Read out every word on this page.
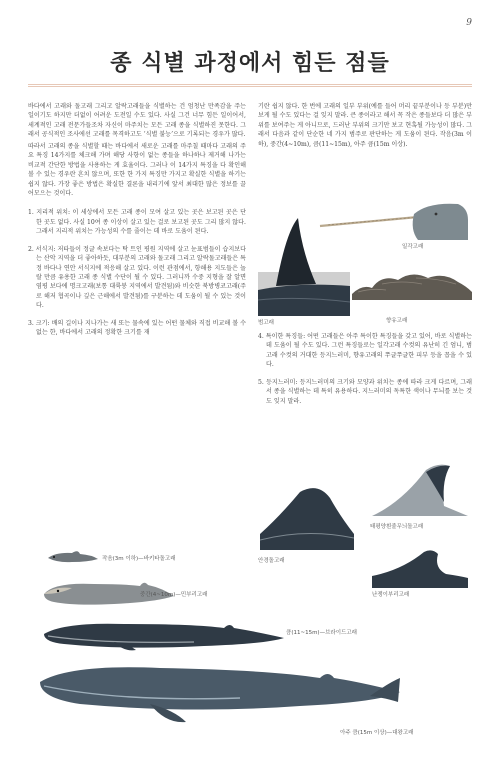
9
종 식별 과정에서 힘든 점들

바다에서 고래와 돌고래 그리고 알락고래들을 식별하는 건 엄청난 만족감을 주는 일이기도 하지만 더없이 어려운 도전일 수도 있다. 사실 그건 너무 힘든 일이어서, 세계적인 고래 전문가들조차 자신이 마주치는 모든 고래 종을 식별하진 못한다. 그래서 공식적인 조사에선 고래를 목격하고도 ‘식별 불능’으로 기록되는 경우가 많다.

따라서 고래의 종을 식별할 때는 바다에서 새로운 고래를 마주칠 때마다 고래의 주요 특징 14가지를 체크해 가며 해당 사항이 없는 종들을 하나하나 제거해 나가는 비교적 간단한 방법을 사용하는 게 효율이다. 그러나 이 14가지 특징을 다 확인해 볼 수 있는 경우란 흔치 않으며, 또한 한 가지 특징만 가지고 확실한 식별을 하기는 쉽지 않다. 가장 좋은 방법은 확실한 결론을 내리기에 앞서 최대한 많은 정보를 끌어모으는 것이다.

1. 지리적 위치: 이 세상에서 모든 고래 종이 모여 살고 있는 곳은 보고된 곳은 단 한 곳도 없다. 사실 10여 종 이상이 살고 있는 걸로 보고된 곳도 그리 많지 않다. 그래서 지리적 위치는 가능성의 수를 줄이는 데 바로 도움이 된다.
2. 서식지: 저타들이 정글 속보다는 탁 트인 평원 지역에 살고 눈표범들이 습지보다는 산악 지역을 더 좋아하듯, 대부분의 고래와 돌고래 그리고 알락돌고래들은 특정 바다나 연안 서식지에 적응해 살고 있다. 이런 관점에서, 항해용 지도들은 놀랄 만큼 유용한 고래 종 식별 수단이 될 수 있다. 그러니까 수중 지형을 잘 알면 염평 보다에 명크고래(보통 대륙붕 지역에서 발견됨)와 비슷한 북방병코고래(주로 해저 협곡이나 깊은 근해에서 발견됨)를 구분하는 데 도움이 될 수 있는 것이다.
3. 크기: 배의 길이나 지나가는 새 또는 물속에 있는 어떤 물체와 직접 비교해 볼 수 없는 한, 바다에서 고래의 정확한 크기를 재

기란 쉽지 않다. 한 번에 고래의 일부 부위(예를 들어 머리 끝부분이나 등 부분)만 보게 될 수도 있다는 걸 잊지 말라. 큰 종이라고 해서 꼭 작은 종들보다 더 많은 부위를 보여주는 게 아니므로, 드러난 부위의 크기만 보고 현혹될 가능성이 많다. 그래서 다음과 같이 단순한 네 가지 범주로 판단하는 게 도움이 된다. 작음(3m 이하), 중간(4~10m), 큼(11~15m), 아주 큼(15m 이상).

4. 특이한 특징들: 어떤 고래들은 아주 특이한 특징들을 갖고 있어, 바로 식별하는 데 도움이 될 수도 있다. 그런 특징들로는 일각고래 수컷의 유난히 긴 엄니, 범고래 수컷의 거대한 등지느러미, 향유고래의 쭈글쭈글한 피부 등을 꼽을 수 있다.
5. 등지느러미: 등지느러미의 크기와 모양과 위치는 종에 따라 크게 다르며, 그래서 종을 식별하는 데 특히 유용하다. 지느러미의 독특한 색이나 무늬를 보는 것도 잊지 말라.
범고래
일각고래
향유고래
안경돌고래
태평양흰줄무늬돌고래
난쟁이부리고래
작음(3m 이하)—바키타돌고래
중간(4~10m)—민부리고래
큼(11~15m)—브라이드고래
아주 큼(15m 이상)—대왕고래
